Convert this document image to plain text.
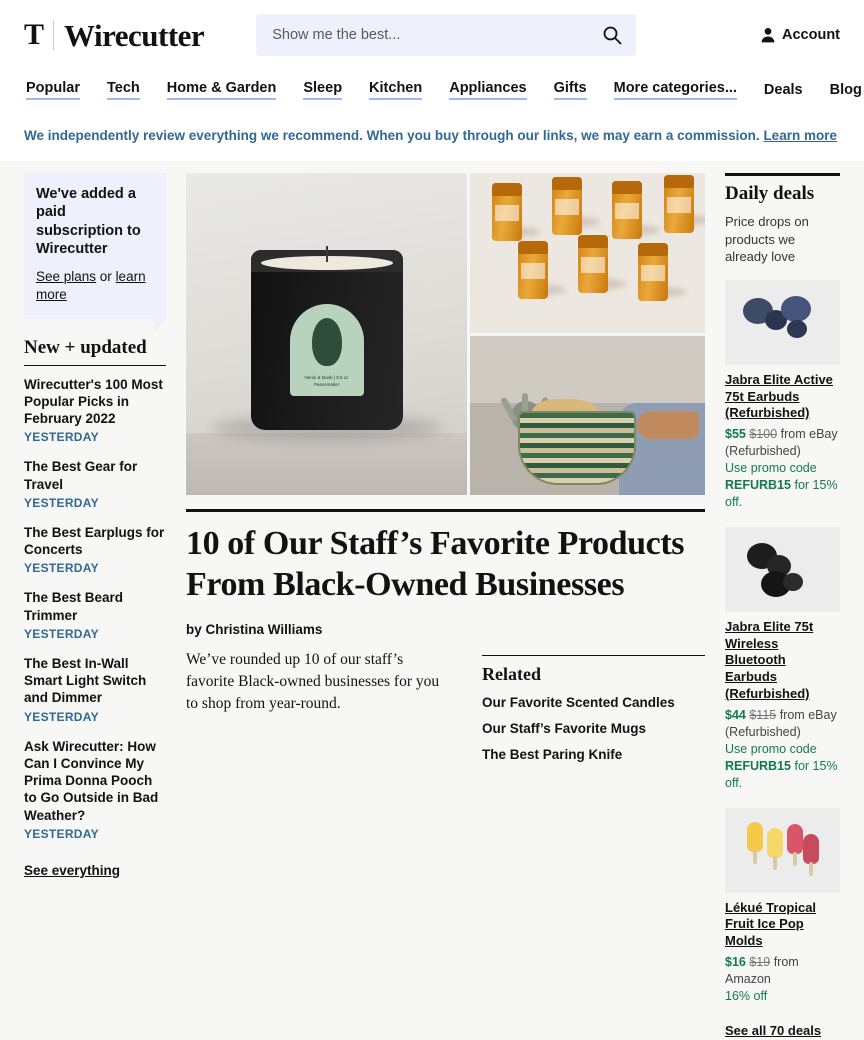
T Wirecutter
Show me the best...	Account
Popular Tech Home & Garden Sleep Kitchen Appliances Gifts More categories... Deals Blog
We independently review everything we recommend. When you buy through our links, we may earn a commission. Learn more
We've added a paid subscription to Wirecutter
See plans or learn more
New + updated
Wirecutter's 100 Most Popular Picks in February 2022
YESTERDAY
The Best Gear for Travel
YESTERDAY
The Best Earplugs for Concerts
YESTERDAY
The Best Beard Trimmer
YESTERDAY
The Best In-Wall Smart Light Switch and Dimmer
YESTERDAY
Ask Wirecutter: How Can I Convince My Prima Donna Pooch to Go Outside in Bad Weather?
YESTERDAY
See everything
Neroli & Musk | 8.5 oz
Peacemaker
10 of Our Staff’s Favorite Products From Black-Owned Businesses
by Christina Williams
We’ve rounded up 10 of our staff’s favorite Black-owned businesses for you to shop from year-round.
Related
Our Favorite Scented Candles
Our Staff’s Favorite Mugs
The Best Paring Knife
Daily deals
Price drops on products we already love
Jabra Elite Active 75t Earbuds (Refurbished)
$55 $100 from eBay (Refurbished)
Use promo code REFURB15 for 15% off.
Jabra Elite 75t Wireless Bluetooth Earbuds (Refurbished)
$44 $115 from eBay (Refurbished)
Use promo code REFURB15 for 15% off.
Lékué Tropical Fruit Ice Pop Molds
$16 $19 from Amazon
16% off
See all 70 deals
